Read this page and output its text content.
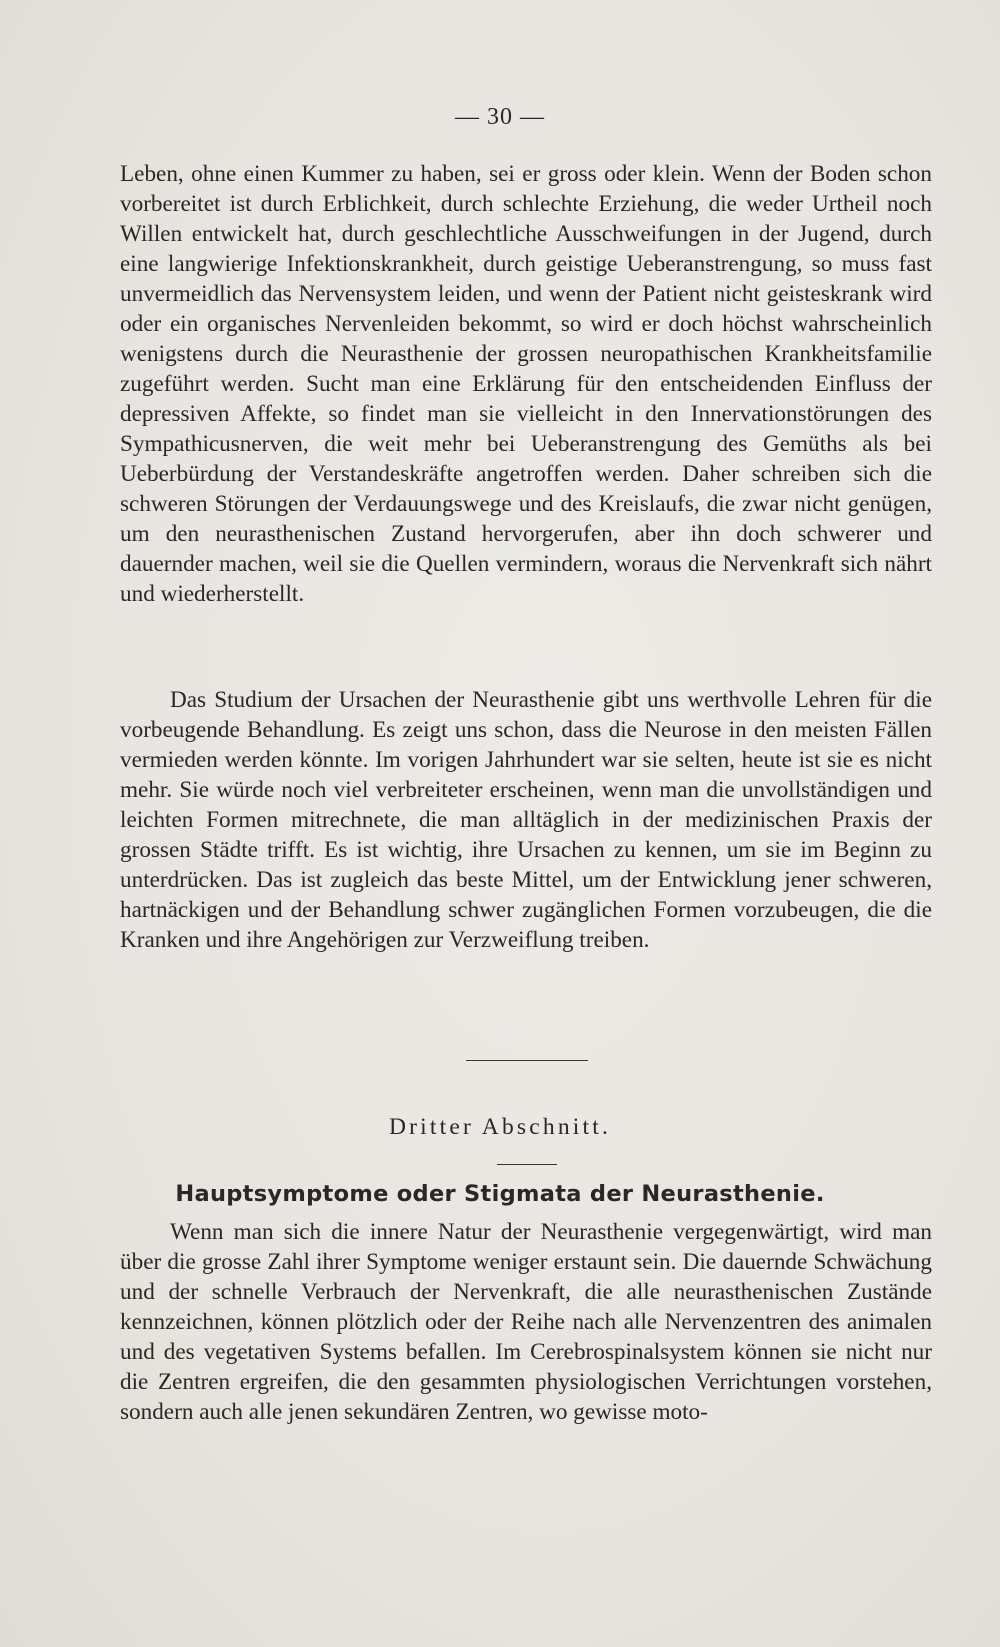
— 30 —

Leben, ohne einen Kummer zu haben, sei er gross oder klein. Wenn der Boden schon vorbereitet ist durch Erblichkeit, durch schlechte Erziehung, die weder Urtheil noch Willen entwickelt hat, durch geschlechtliche Ausschweifungen in der Jugend, durch eine langwierige Infektionskrankheit, durch geistige Ueberanstrengung, so muss fast unvermeidlich das Nervensystem leiden, und wenn der Patient nicht geisteskrank wird oder ein organisches Nervenleiden bekommt, so wird er doch höchst wahrscheinlich wenigstens durch die Neurasthenie der grossen neuropathischen Krankheitsfamilie zugeführt werden. Sucht man eine Erklärung für den entscheidenden Einfluss der depressiven Affekte, so findet man sie vielleicht in den Innervationstörungen des Sympathicusnerven, die weit mehr bei Ueberanstrengung des Gemüths als bei Ueberbürdung der Verstandeskräfte angetroffen werden. Daher schreiben sich die schweren Störungen der Verdauungswege und des Kreislaufs, die zwar nicht genügen, um den neurasthenischen Zustand hervorgerufen, aber ihn doch schwerer und dauernder machen, weil sie die Quellen vermindern, woraus die Nervenkraft sich nährt und wiederherstellt.

Das Studium der Ursachen der Neurasthenie gibt uns werthvolle Lehren für die vorbeugende Behandlung. Es zeigt uns schon, dass die Neurose in den meisten Fällen vermieden werden könnte. Im vorigen Jahrhundert war sie selten, heute ist sie es nicht mehr. Sie würde noch viel verbreiteter erscheinen, wenn man die unvollständigen und leichten Formen mitrechnete, die man alltäglich in der medizinischen Praxis der grossen Städte trifft. Es ist wichtig, ihre Ursachen zu kennen, um sie im Beginn zu unterdrücken. Das ist zugleich das beste Mittel, um der Entwicklung jener schweren, hartnäckigen und der Behandlung schwer zugänglichen Formen vorzubeugen, die die Kranken und ihre Angehörigen zur Verzweiflung treiben.

Dritter Abschnitt.
Hauptsymptome oder Stigmata der Neurasthenie.

Wenn man sich die innere Natur der Neurasthenie vergegenwärtigt, wird man über die grosse Zahl ihrer Symptome weniger erstaunt sein. Die dauernde Schwächung und der schnelle Verbrauch der Nervenkraft, die alle neurasthenischen Zustände kennzeichnen, können plötzlich oder der Reihe nach alle Nervenzentren des animalen und des vegetativen Systems befallen. Im Cerebrospinalsystem können sie nicht nur die Zentren ergreifen, die den gesammten physiologischen Verrichtungen vorstehen, sondern auch alle jenen sekundären Zentren, wo gewisse moto-
